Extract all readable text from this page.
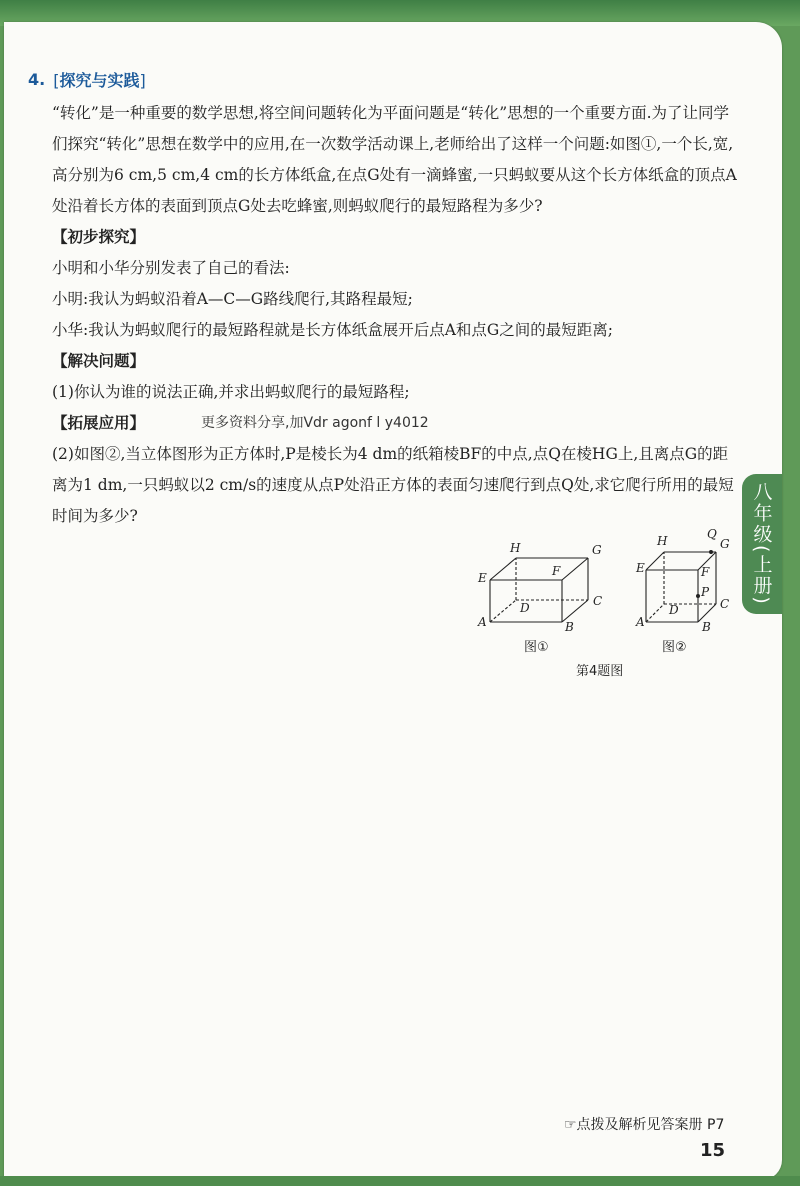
八年级(上册)
4. [探究与实践]

“转化”是一种重要的数学思想,将空间问题转化为平面问题是“转化”思想的一个重要方面.为了让同学们探究“转化”思想在数学中的应用,在一次数学活动课上,老师给出了这样一个问题:如图①,一个长,宽,高分别为6 cm,5 cm,4 cm的长方体纸盒,在点G处有一滴蜂蜜,一只蚂蚁要从这个长方体纸盒的顶点A处沿着长方体的表面到顶点G处去吃蜂蜜,则蚂蚁爬行的最短路程为多少?

【初步探究】

小明和小华分别发表了自己的看法:

小明:我认为蚂蚁沿着A—C—G路线爬行,其路程最短;

小华:我认为蚂蚁爬行的最短路程就是长方体纸盒展开后点A和点G之间的最短距离;

【解决问题】

(1)你认为谁的说法正确,并求出蚂蚁爬行的最短路程;

【拓展应用】	更多资料分享,加Vdr agonf l y4012

(2)如图②,当立体图形为正方体时,P是棱长为4 dm的纸箱棱BF的中点,点Q在棱HG上,且离点G的距离为1 dm,一只蚂蚁以2 cm/s的速度从点P处沿正方体的表面匀速爬行到点Q处,求它爬行所用的最短时间为多少?

H	G
E	F
D	C
A	B
H	Q
G
E	F
P
D	C
A	B
图①	图②
第4题图
☞点拨及解析见答案册 P7
15
